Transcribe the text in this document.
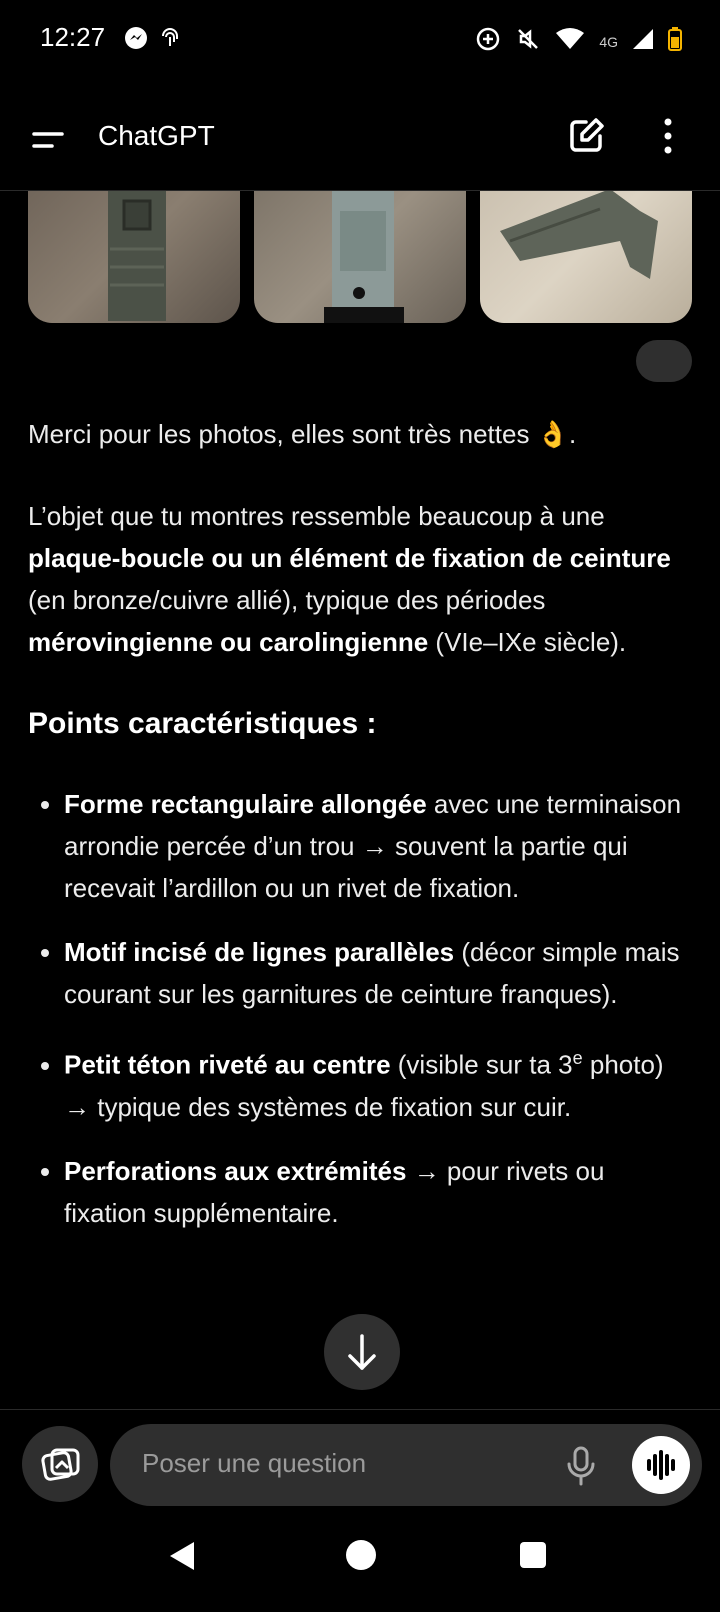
12:27	4G
ChatGPT

Merci pour les photos, elles sont très nettes 👌.

L’objet que tu montres ressemble beaucoup à une plaque-boucle ou un élément de fixation de ceinture (en bronze/cuivre allié), typique des périodes mérovingienne ou carolingienne (VIe–IXe siècle).

Points caractéristiques :
• Forme rectangulaire allongée avec une terminaison arrondie percée d’un trou → souvent la partie qui recevait l’ardillon ou un rivet de fixation.
• Motif incisé de lignes parallèles (décor simple mais courant sur les garnitures de ceinture franques).
• Petit téton riveté au centre (visible sur ta 3e photo) → typique des systèmes de fixation sur cuir.
• Perforations aux extrémités → pour rivets ou fixation supplémentaire.
Poser une question
